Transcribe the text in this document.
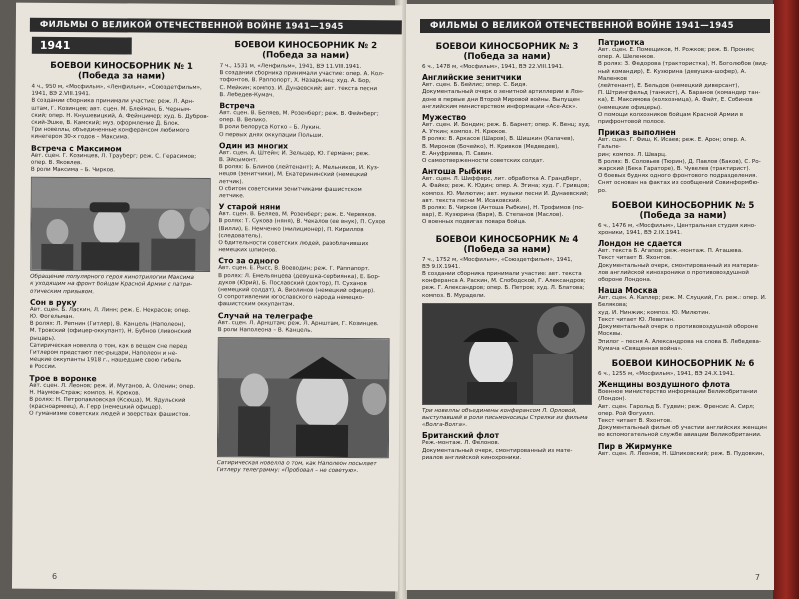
ФИЛЬМЫ О ВЕЛИКОЙ ОТЕЧЕСТВЕННОЙ ВОЙНЕ 1941—1945
1941
БОЕВОЙ КИНОСБОРНИК № 1
(Победа за нами)
4 ч., 950 м, «Мосфильм», «Ленфильм», «Союздетфильм»,
1941, ВЭ 2.VIII.1941.
В создании сборника принимали участие: реж. Л. Арн-
штам, Г. Козинцев; авт. сцен. М. Блейман, Б. Черным-
ский; опер. Н. Кнушевицкий, А. Фейнцимер; худ. Б. Дубров-
ский-Эшке, В. Камский; муз. оформление Д. Блок.
Три новеллы, объединенные конферансом любимого
кинегероя 30-х годов – Максима.
Встреча с Максимом
Авт. сцен. Г. Козинцев, Л. Трауберг; реж. С. Герасимов;
опер. В. Яковлев.
В роли Максима – Б. Чирков.
Обращение популярного героя кинотрилогии Максима
к уходящим на фронт бойцам Красной Армии с патри-
отическим призывом.
Сон в руку
Авт. сцен. Б. Ласкин, Л. Линн; реж. Е. Некрасов; опер.
Ю. Фогельман.
В ролях: Л. Репнин (Гитлер), В. Канцель (Наполеон),
М. Тровский (офицер-оккупант), Н. Бубнов (ливонский
рыцарь).
Сатирическая новелла о том, как в вещем сне перед
Гитлером предстают пес-рыцари, Наполеон и не-
мецкие оккупанты 1918 г., нашедшие свою гибель
в России.
Трое в воронке
Авт. сцен. Л. Леонов; реж. И. Мутанов, А. Оленин; опер.
Н. Наумов-Страж; композ. Н. Крюков.
В ролях: Н. Петропавловская (Ксюша), М. Ядульский
(красноармеец), А. Герр (немецкий офицер).
О гуманизме советских людей и зверствах фашистов.
БОЕВОЙ КИНОСБОРНИК № 2
(Победа за нами)
7 ч., 1531 м, «Ленфильм», 1941, ВЭ 11.VIII.1941.
В создании сборника принимали участие: опер. А. Кол-
тофонтов, В. Раппопорт, Х. Назарьянц; худ. А. Бор,
С. Мейкин; композ. И. Дунаевский; авт. текста песни
В. Лебедев-Кумач.
Встреча
Авт. сцен. В. Беляев, М. Розенберг; реж. В. Фейнберг;
опер. В. Велико.
В роли белоруса Котко – Б. Лукин.
О первых днях оккупации Польши.
Один из многих
Авт. сцен. А. Штейн; И. Зельцер, Ю. Германн; реж.
В. Эйсымонт.
В ролях: Б. Блинов (лейтенант); А. Мельников, И. Куз-
нецов (зенитчики), М. Екатерининский (немецкий
летчик).
О сбитом советскими зенитчиками фашистском
летчике.
У старой няни
Авт. сцен. В. Беляев, М. Розенберг; реж. Е. Червяков.
В ролях: Т. Сукова (няня), В. Чекалов (ее внук), П. Сухов
(Вилли), Е. Немченко (милиционер), П. Кириллов
(следователь).
О бдительности советских людей, разоблачивших
немецких шпионов.
Сто за одного
Авт. сцен. Е. Рысс, В. Воеводин; реж. Г. Раппапорт.
В ролях: Л. Емельянцева (девушка-сербиянка), Е. Бор-
дуков (Юрий), Б. Пославский (доктор), П. Суханов
(немецкий солдат), А. Виолинов (немецкий офицер).
О сопротивлении югославского народа немецко-
фашистским оккупантам.
Случай на телеграфе
Авт. сцен. Л. Арнштам; реж. Л. Арнштам, Г. Козинцев.
В роли Наполеона – В. Канцель.
Сатирическая новелла о том, как Наполеон посылает
Гитлеру телеграмму: «Пробовал – не советую».
6
ФИЛЬМЫ О ВЕЛИКОЙ ОТЕЧЕСТВЕННОЙ ВОЙНЕ 1941—1945
БОЕВОЙ КИНОСБОРНИК № 3
(Победа за нами)
6 ч., 1478 м, «Мосфильм», 1941, ВЭ 22.VIII.1941.
Английские зенитчики
Авт. сцен. Б. Бейлис; опер. С. Бидя.
Документальный очерк о зенитной артиллерии в Лон-
доне в первые дни Второй Мировой войны. Выпущен
английским министерством информации «Асе-Аск».
Мужество
Авт. сцен. И. Бондин; реж. Б. Барнет; опер. К. Венц; худ.
А. Уткин; композ. Н. Крюков.
В ролях: В. Аркасов (Шаров), В. Шишкин (Калачев),
В. Миронов (Бочейко), Н. Кривков (Медведев),
Е. Ануфриева, П. Савин.
О самоотверженности советских солдат.
Антоша Рыбкин
Авт. сцен. Л. Шифферс, лит. обработка А. Грандберг,
А. Файко; реж. К. Юдин; опер. А. Эгина; худ. Г. Гривцов;
композ. Ю. Милютин; авт. музыки песни И. Дунаевский;
авт. текста песни М. Исаковский.
В ролях: Б. Чирков (Антоша Рыбкин), Н. Трофимов (по-
вар), Е. Кузюрина (Варя), В. Степанов (Маслов).
О военных подвигах повара бойца.
БОЕВОЙ КИНОСБОРНИК № 4
(Победа за нами)
7 ч., 1752 м, «Мосфильм», «Союздетфильм», 1941,
ВЭ 9.IX.1941.
В создании сборника принимали участие: авт. текста
конферанса А. Раскин, М. Слободской, Г. Александров;
реж. Г. Александров; опер. Б. Петров; худ. Л. Блатова;
композ. В. Мурадели.
Три новеллы объединены конферансом Л. Орловой,
выступавшей в роли письмоносицы Стрелки из фильма
«Волга-Волга».
Британский флот
Реж.-монтаж. Л. Фелонов.
Документальный очерк, смонтированный из мате-
риалов английской кинохроники.
Патриотка
Авт. сцен. Е. Помещиков, Н. Рожков; реж. В. Пронин;
опер. А. Шеленков.
В ролях: З. Федорова (трактористка), Н. Боголюбов (вид-
ный командир), Е. Кузюрина (девушка-шофер), А. Маленков
(лейтенант), Е. Бельдов (немецкий диверсант),
П. Штрингфельд (танкист), А. Баранов (командир тан-
ка), Е. Максимова (колхозница), А. Файт, Е. Собинов
(немецкие офицеры).
О помощи колхозников бойцам Красной Армии в
прифронтовой полосе.
Приказ выполнен
Авт. сцен. Г. Фиш, К. Исаев; реж. Е. Арон; опер. А. Гальпе-
рин; композ. Л. Шварц.
В ролях: В. Соловьев (Тюрин), Д. Павлов (Баков), С. Ро-
жарский (Бека Гараторе), В. Чувелев (трактирист).
О боевых буднях одного фронтового подразделения.
Снят основан на фактах из сообщений Совинформбю-
ро.
БОЕВОЙ КИНОСБОРНИК № 5
(Победа за нами)
6 ч., 1476 м, «Мосфильм», Центральная студия кино-
хроники, 1941, ВЭ 2.IX.1941.
Лондон не сдается
Авт. текста Б. Агапов; реж.-монтаж. П. Аташева.
Текст читает В. Яхонтов.
Документальный очерк, смонтированный из материа-
лов английской кинохроники о противовоздушной
обороне Лондона.
Наша Москва
Авт. сцен. А. Каплер; реж. М. Слуцкий, Гл. реж.: опер. И. Белякова;
худ. И. Нинжик; композ. Ю. Милютин.
Текст читает Ю. Левитан.
Документальный очерк о противовоздушной обороне
Москвы.
Эпилог – песня А. Александрова на слова В. Лебедева-
Кумача «Священная война».
БОЕВОЙ КИНОСБОРНИК № 6
6 ч., 1255 м, «Мосфильм», 1941, ВЭ 24.X.1941.
Женщины воздушного флота
Военное министерство информации Великобритании
(Лондон).
Авт. сцен. Гарольд Б. Гудвин; реж. Френсис А. Сирл;
опер. Рой Фогуилл.
Текст читает В. Яхонтов.
Документальный фильм об участии английских женщин
во вспомогательной службе авиации Великобритании.
Пир в Жирмунке
Авт. сцен. Л. Леонов, Н. Шпиковский; реж. В. Пудовкин,
7
